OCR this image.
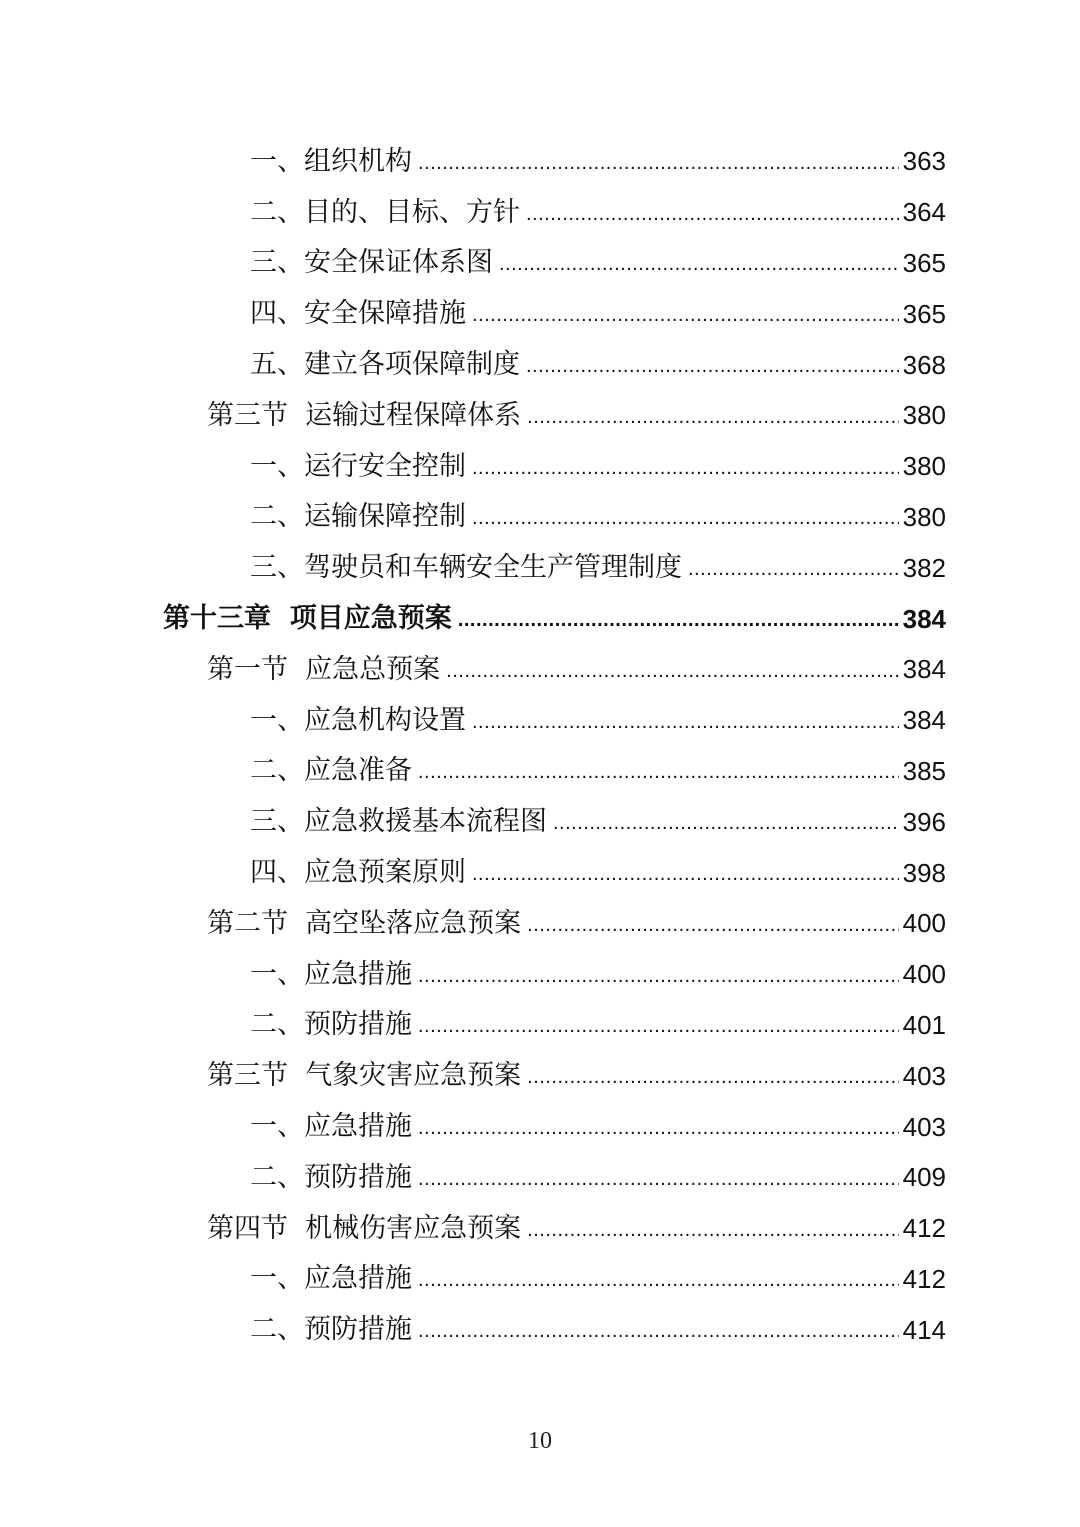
一、组织机构 .....	363
二、目的、目标、方针 .....	364
三、安全保证体系图 .....	365
四、安全保障措施 .....	365
五、建立各项保障制度 .....	368
第三节  运输过程保障体系 .....	380
一、运行安全控制 .....	380
二、运输保障控制 .....	380
三、驾驶员和车辆安全生产管理制度 .....	382
第十三章  项目应急预案 .....	384
第一节  应急总预案 .....	384
一、应急机构设置 .....	384
二、应急准备 .....	385
三、应急救援基本流程图 .....	396
四、应急预案原则 .....	398
第二节  高空坠落应急预案 .....	400
一、应急措施 .....	400
二、预防措施 .....	401
第三节  气象灾害应急预案 .....	403
一、应急措施 .....	403
二、预防措施 .....	409
第四节  机械伤害应急预案 .....	412
一、应急措施 .....	412
二、预防措施 .....	414
10
